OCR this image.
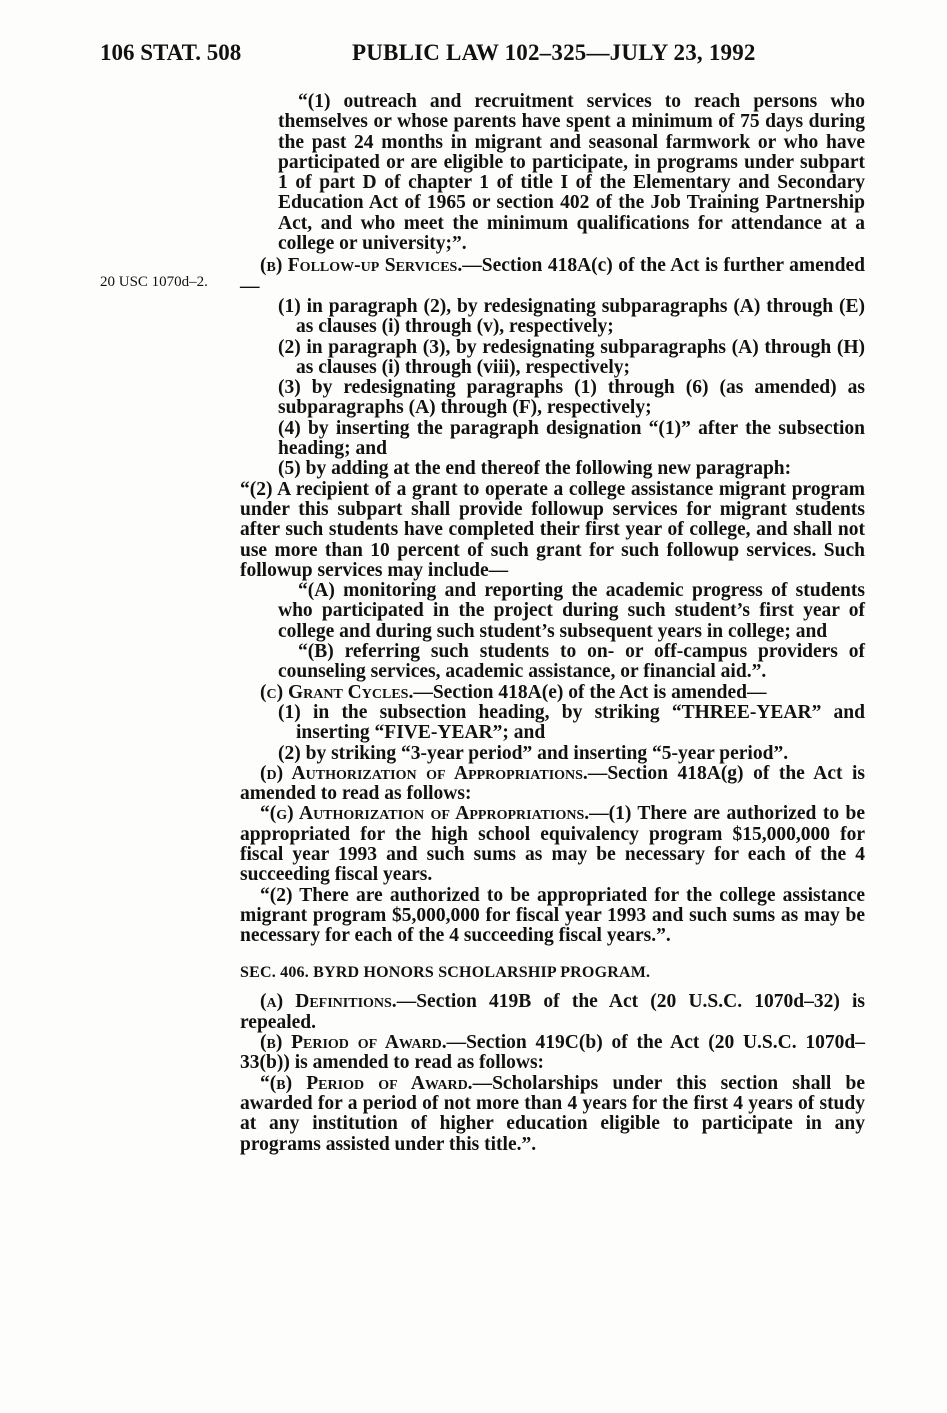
106 STAT. 508	PUBLIC LAW 102–325—JULY 23, 1992
20 USC 1070d–2.

“(1) outreach and recruitment services to reach persons who themselves or whose parents have spent a minimum of 75 days during the past 24 months in migrant and seasonal farmwork or who have participated or are eligible to participate, in programs under subpart 1 of part D of chapter 1 of title I of the Elementary and Secondary Education Act of 1965 or section 402 of the Job Training Partnership Act, and who meet the minimum qualifications for attendance at a college or university;”.

(b) Follow-up Services.—Section 418A(c) of the Act is further amended—

(1) in paragraph (2), by redesignating subparagraphs (A) through (E) as clauses (i) through (v), respectively;

(2) in paragraph (3), by redesignating subparagraphs (A) through (H) as clauses (i) through (viii), respectively;

(3) by redesignating paragraphs (1) through (6) (as amended) as subparagraphs (A) through (F), respectively;

(4) by inserting the paragraph designation “(1)” after the subsection heading; and

(5) by adding at the end thereof the following new paragraph:

“(2) A recipient of a grant to operate a college assistance migrant program under this subpart shall provide followup services for migrant students after such students have completed their first year of college, and shall not use more than 10 percent of such grant for such followup services. Such followup services may include—

“(A) monitoring and reporting the academic progress of students who participated in the project during such student’s first year of college and during such student’s subsequent years in college; and

“(B) referring such students to on- or off-campus providers of counseling services, academic assistance, or financial aid.”.

(c) Grant Cycles.—Section 418A(e) of the Act is amended—

(1) in the subsection heading, by striking “THREE-YEAR” and inserting “FIVE-YEAR”; and

(2) by striking “3-year period” and inserting “5-year period”.

(d) Authorization of Appropriations.—Section 418A(g) of the Act is amended to read as follows:

“(g) Authorization of Appropriations.—(1) There are authorized to be appropriated for the high school equivalency program $15,000,000 for fiscal year 1993 and such sums as may be necessary for each of the 4 succeeding fiscal years.

“(2) There are authorized to be appropriated for the college assistance migrant program $5,000,000 for fiscal year 1993 and such sums as may be necessary for each of the 4 succeeding fiscal years.”.

SEC. 406. BYRD HONORS SCHOLARSHIP PROGRAM.

(a) Definitions.—Section 419B of the Act (20 U.S.C. 1070d–32) is repealed.

(b) Period of Award.—Section 419C(b) of the Act (20 U.S.C. 1070d–33(b)) is amended to read as follows:

“(b) Period of Award.—Scholarships under this section shall be awarded for a period of not more than 4 years for the first 4 years of study at any institution of higher education eligible to participate in any programs assisted under this title.”.
